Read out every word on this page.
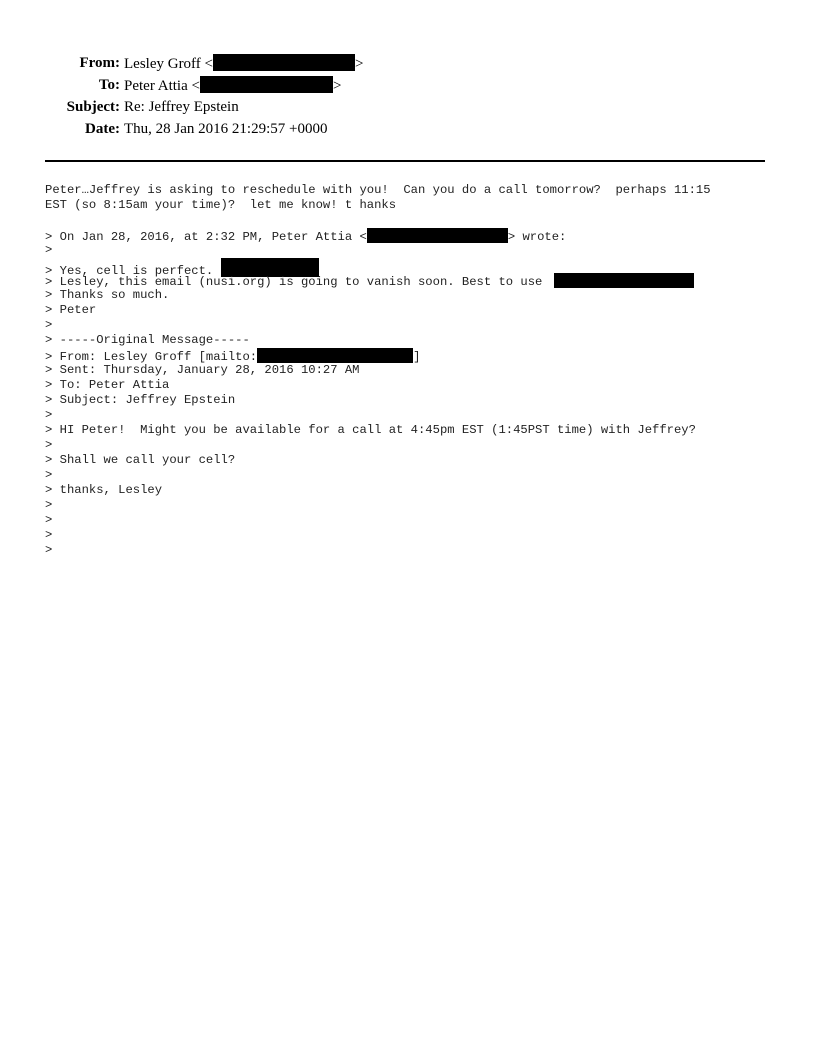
From: Lesley Groff <	>
To: Peter Attia <	>
Subject: Re: Jeffrey Epstein
Date: Thu, 28 Jan 2016 21:29:57 +0000
Peter…Jeffrey is asking to reschedule with you!  Can you do a call tomorrow?  perhaps 11:15
EST (so 8:15am your time)?  let me know! t hanks
> On Jan 28, 2016, at 2:32 PM, Peter Attia <	> wrote:
>
> Yes, cell is perfect.
> Lesley, this email (nusi.org) is going to vanish soon. Best to use
> Thanks so much.
> Peter
>
> -----Original Message-----
> From: Lesley Groff [mailto:	]
> Sent: Thursday, January 28, 2016 10:27 AM
> To: Peter Attia
> Subject: Jeffrey Epstein
>
> HI Peter!  Might you be available for a call at 4:45pm EST (1:45PST time) with Jeffrey?
>
> Shall we call your cell?
>
> thanks, Lesley
>
>
>
>
